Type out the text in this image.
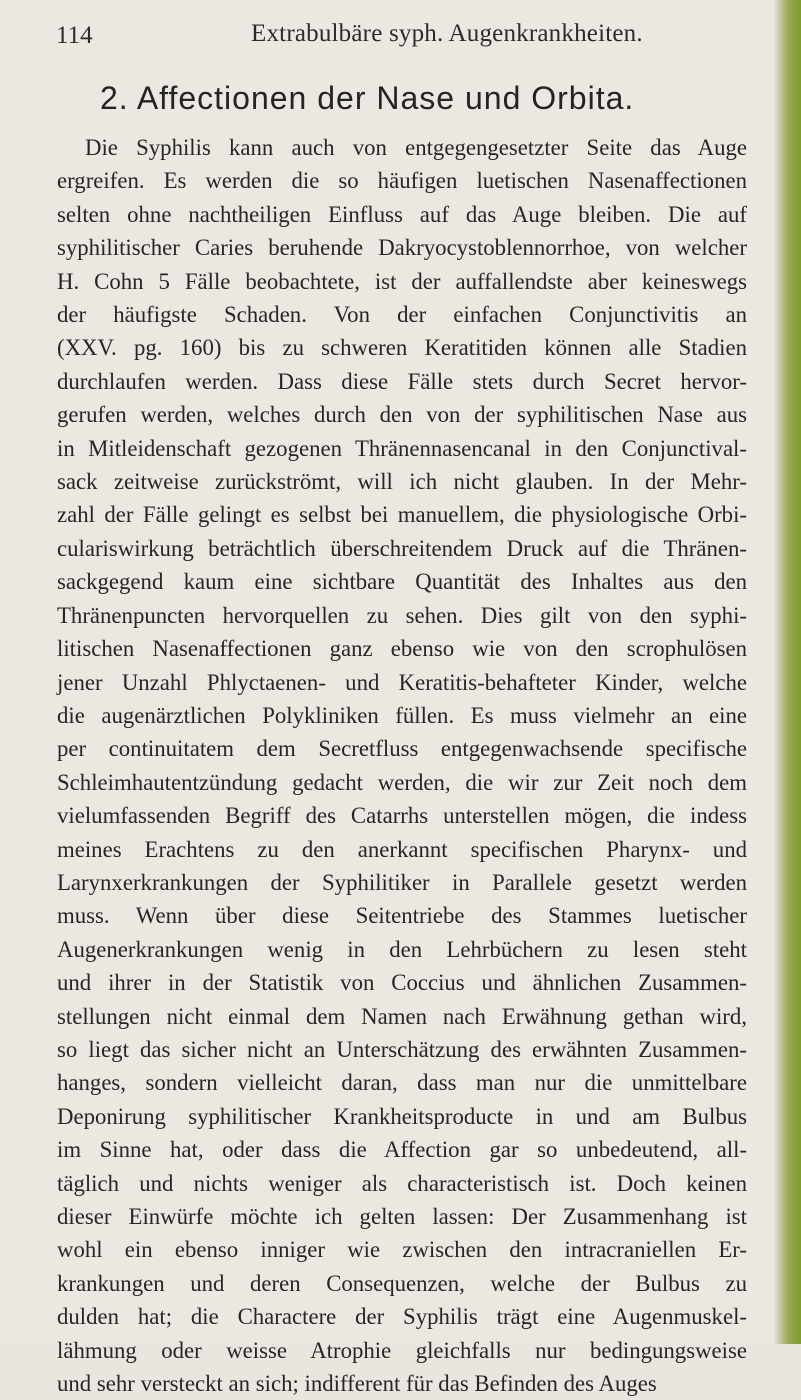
114	Extrabulbäre syph. Augenkrankheiten.
2. Affectionen der Nase und Orbita.
Die Syphilis kann auch von entgegengesetzter Seite das Auge
ergreifen. Es werden die so häufigen luetischen Nasenaffectionen
selten ohne nachtheiligen Einfluss auf das Auge bleiben. Die auf
syphilitischer Caries beruhende Dakryocystoblennorrhoe, von welcher
H. Cohn 5 Fälle beobachtete, ist der auffallendste aber keineswegs
der häufigste Schaden. Von der einfachen Conjunctivitis an
(XXV. pg. 160) bis zu schweren Keratitiden können alle Stadien
durchlaufen werden. Dass diese Fälle stets durch Secret hervor-
gerufen werden, welches durch den von der syphilitischen Nase aus
in Mitleidenschaft gezogenen Thränennasencanal in den Conjunctival-
sack zeitweise zurückströmt, will ich nicht glauben. In der Mehr-
zahl der Fälle gelingt es selbst bei manuellem, die physiologische Orbi-
culariswirkung beträchtlich überschreitendem Druck auf die Thränen-
sackgegend kaum eine sichtbare Quantität des Inhaltes aus den
Thränenpuncten hervorquellen zu sehen. Dies gilt von den syphi-
litischen Nasenaffectionen ganz ebenso wie von den scrophulösen
jener Unzahl Phlyctaenen- und Keratitis-behafteter Kinder, welche
die augenärztlichen Polykliniken füllen. Es muss vielmehr an eine
per continuitatem dem Secretfluss entgegenwachsende specifische
Schleimhautentzündung gedacht werden, die wir zur Zeit noch dem
vielumfassenden Begriff des Catarrhs unterstellen mögen, die indess
meines Erachtens zu den anerkannt specifischen Pharynx- und
Larynxerkrankungen der Syphilitiker in Parallele gesetzt werden
muss. Wenn über diese Seitentriebe des Stammes luetischer
Augenerkrankungen wenig in den Lehrbüchern zu lesen steht
und ihrer in der Statistik von Coccius und ähnlichen Zusammen-
stellungen nicht einmal dem Namen nach Erwähnung gethan wird,
so liegt das sicher nicht an Unterschätzung des erwähnten Zusammen-
hanges, sondern vielleicht daran, dass man nur die unmittelbare
Deponirung syphilitischer Krankheitsproducte in und am Bulbus
im Sinne hat, oder dass die Affection gar so unbedeutend, all-
täglich und nichts weniger als characteristisch ist. Doch keinen
dieser Einwürfe möchte ich gelten lassen: Der Zusammenhang ist
wohl ein ebenso inniger wie zwischen den intracraniellen Er-
krankungen und deren Consequenzen, welche der Bulbus zu
dulden hat; die Charactere der Syphilis trägt eine Augenmuskel-
lähmung oder weisse Atrophie gleichfalls nur bedingungsweise
und sehr versteckt an sich; indifferent für das Befinden des Auges
